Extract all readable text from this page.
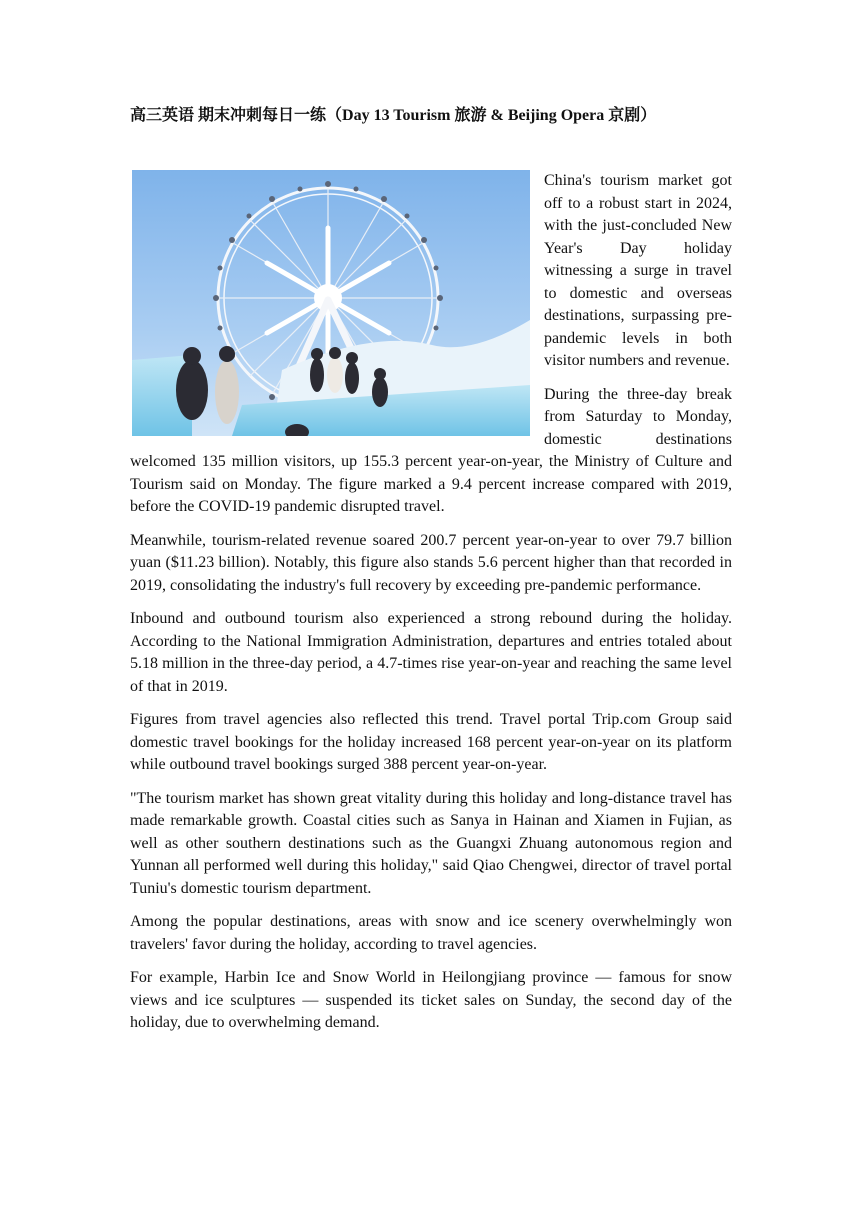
高三英语 期末冲刺每日一练（Day 13 Tourism 旅游 & Beijing Opera 京剧）

China's tourism market got off to a robust start in 2024, with the just-concluded New Year's Day holiday witnessing a surge in travel to domestic and overseas destinations, surpassing pre-pandemic levels in both visitor numbers and revenue.

During the three-day break from Saturday to Monday, domestic destinations welcomed 135 million visitors, up 155.3 percent year-on-year, the Ministry of Culture and Tourism said on Monday. The figure marked a 9.4 percent increase compared with 2019, before the COVID-19 pandemic disrupted travel.

Meanwhile, tourism-related revenue soared 200.7 percent year-on-year to over 79.7 billion yuan ($11.23 billion). Notably, this figure also stands 5.6 percent higher than that recorded in 2019, consolidating the industry's full recovery by exceeding pre-pandemic performance.

Inbound and outbound tourism also experienced a strong rebound during the holiday. According to the National Immigration Administration, departures and entries totaled about 5.18 million in the three-day period, a 4.7-times rise year-on-year and reaching the same level of that in 2019.

Figures from travel agencies also reflected this trend. Travel portal Trip.com Group said domestic travel bookings for the holiday increased 168 percent year-on-year on its platform while outbound travel bookings surged 388 percent year-on-year.

"The tourism market has shown great vitality during this holiday and long-distance travel has made remarkable growth. Coastal cities such as Sanya in Hainan and Xiamen in Fujian, as well as other southern destinations such as the Guangxi Zhuang autonomous region and Yunnan all performed well during this holiday," said Qiao Chengwei, director of travel portal Tuniu's domestic tourism department.

Among the popular destinations, areas with snow and ice scenery overwhelmingly won travelers' favor during the holiday, according to travel agencies.

For example, Harbin Ice and Snow World in Heilongjiang province — famous for snow views and ice sculptures — suspended its ticket sales on Sunday, the second day of the holiday, due to overwhelming demand.
